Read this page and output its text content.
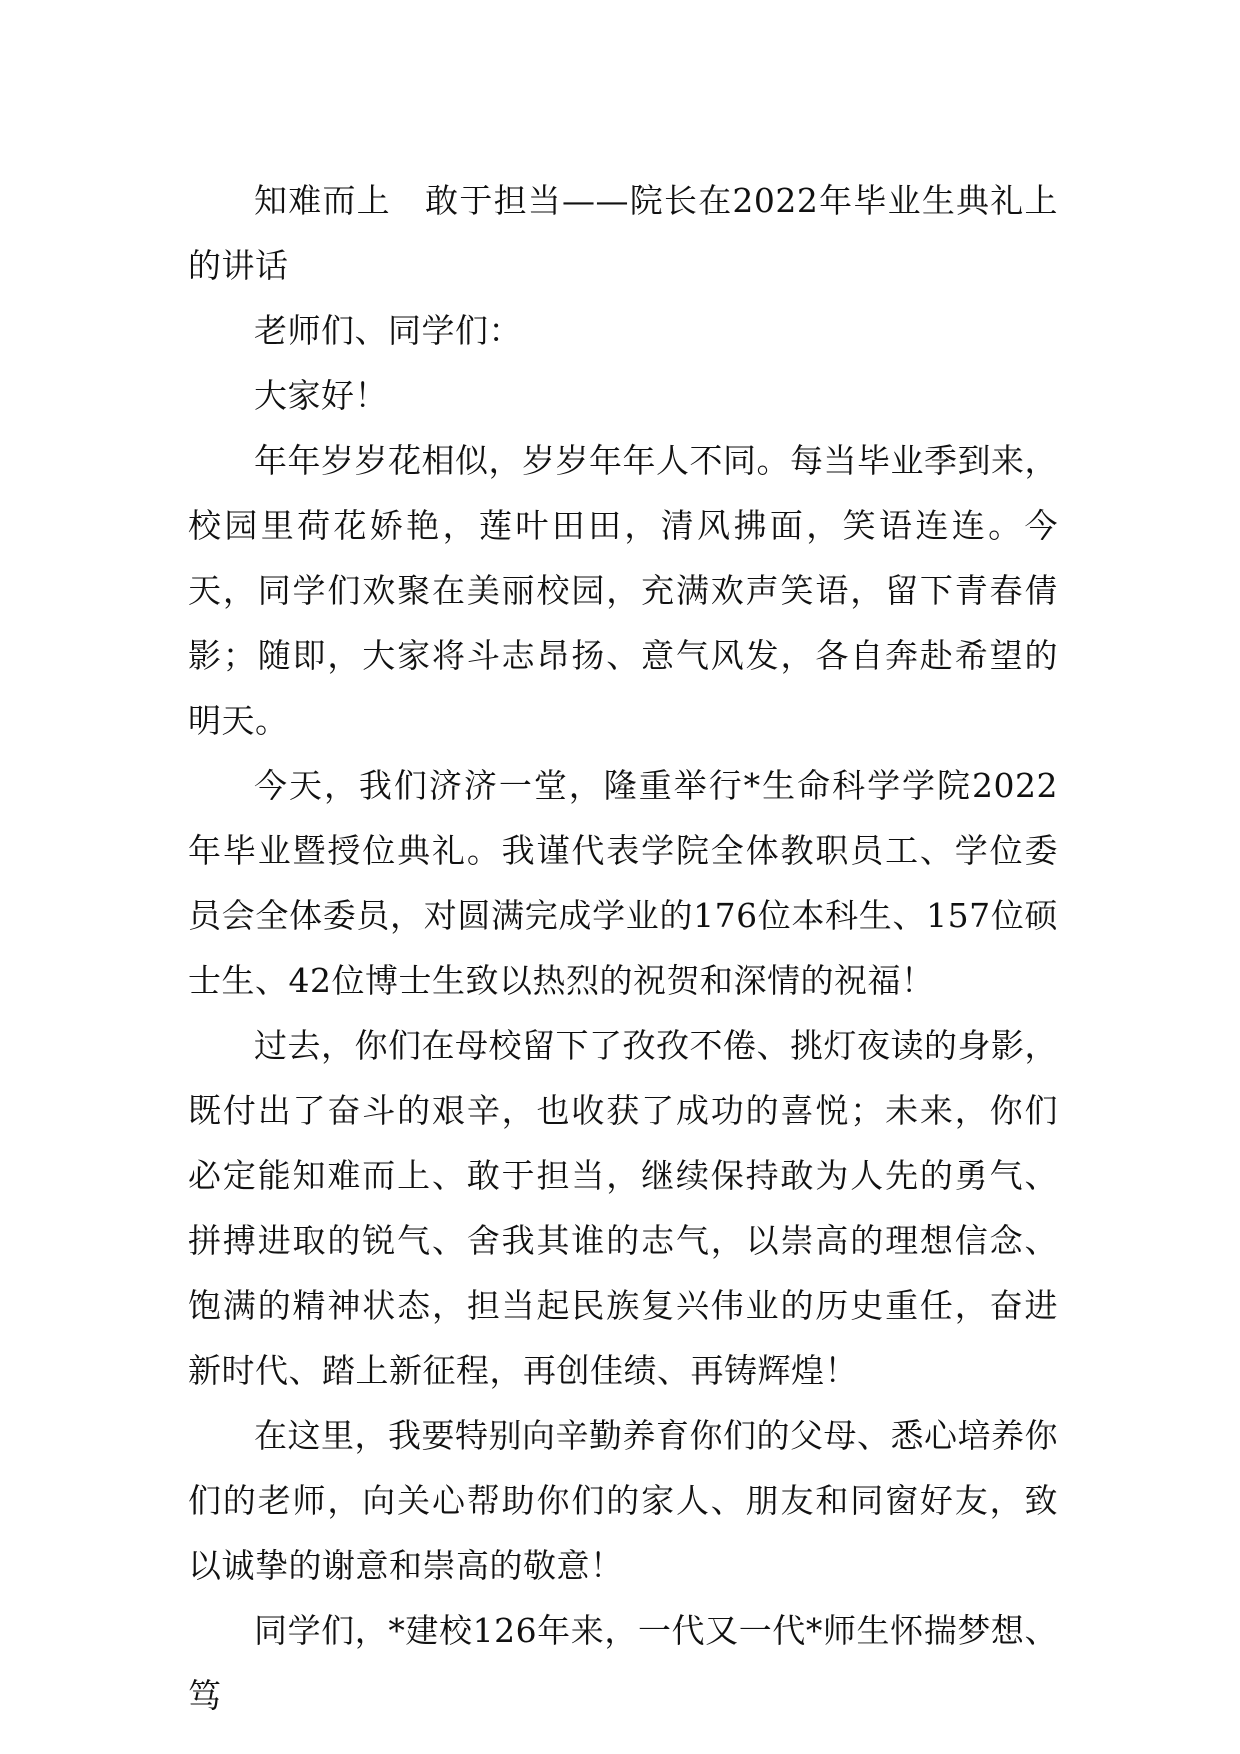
知难而上　敢于担当——院长在2022年毕业生典礼上的讲话

老师们、同学们：

大家好！

年年岁岁花相似，岁岁年年人不同。每当毕业季到来，校园里荷花娇艳，莲叶田田，清风拂面，笑语连连。今天，同学们欢聚在美丽校园，充满欢声笑语，留下青春倩影；随即，大家将斗志昂扬、意气风发，各自奔赴希望的明天。

今天，我们济济一堂，隆重举行*生命科学学院2022年毕业暨授位典礼。我谨代表学院全体教职员工、学位委员会全体委员，对圆满完成学业的176位本科生、157位硕士生、42位博士生致以热烈的祝贺和深情的祝福！

过去，你们在母校留下了孜孜不倦、挑灯夜读的身影，既付出了奋斗的艰辛，也收获了成功的喜悦；未来，你们必定能知难而上、敢于担当，继续保持敢为人先的勇气、拼搏进取的锐气、舍我其谁的志气，以崇高的理想信念、饱满的精神状态，担当起民族复兴伟业的历史重任，奋进新时代、踏上新征程，再创佳绩、再铸辉煌！

在这里，我要特别向辛勤养育你们的父母、悉心培养你们的老师，向关心帮助你们的家人、朋友和同窗好友，致以诚挚的谢意和崇高的敬意！

同学们，*建校126年来，一代又一代*师生怀揣梦想、笃
